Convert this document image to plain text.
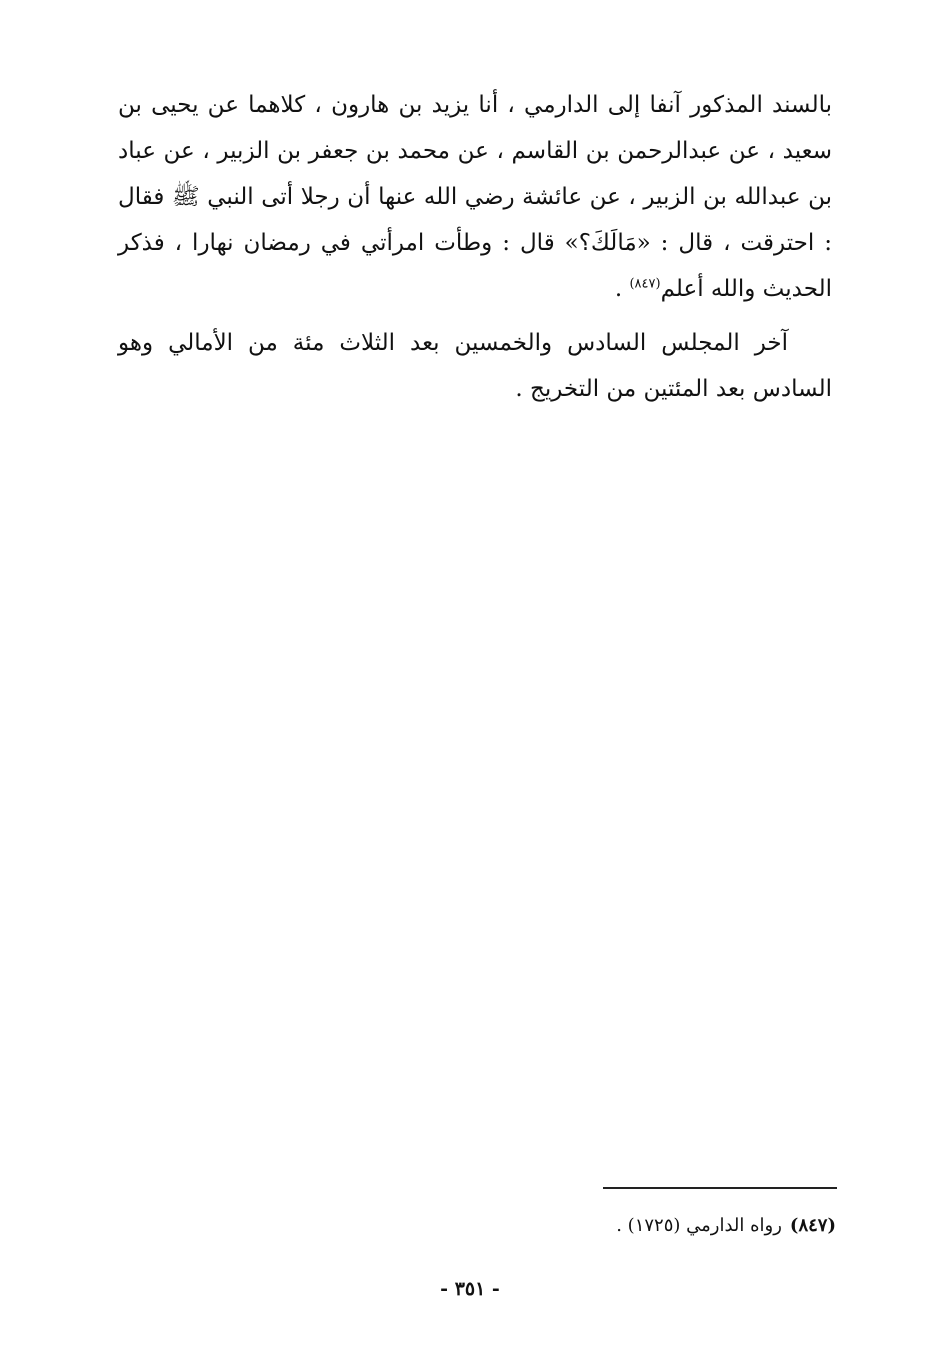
بالسند المذكور آنفا إلى الدارمي ، أنا يزيد بن هارون ، كلاهما عن يحيى بن سعيد ، عن عبدالرحمن بن القاسم ، عن محمد بن جعفر بن الزبير ، عن عباد بن عبدالله بن الزبير ، عن عائشة رضي الله عنها أن رجلا أتى النبي ﷺ فقال : احترقت ، قال : «مَالَكَ؟» قال : وطأت امرأتي في رمضان نهارا ، فذكر الحديث والله أعلم$^{(٨٤٧)}$ .

آخر المجلس السادس والخمسين بعد الثلاث مئة من الأمالي وهو السادس بعد المئتين من التخريج .

(٨٤٧)رواه الدارمي (١٧٢٥) .
- ٣٥١ -
